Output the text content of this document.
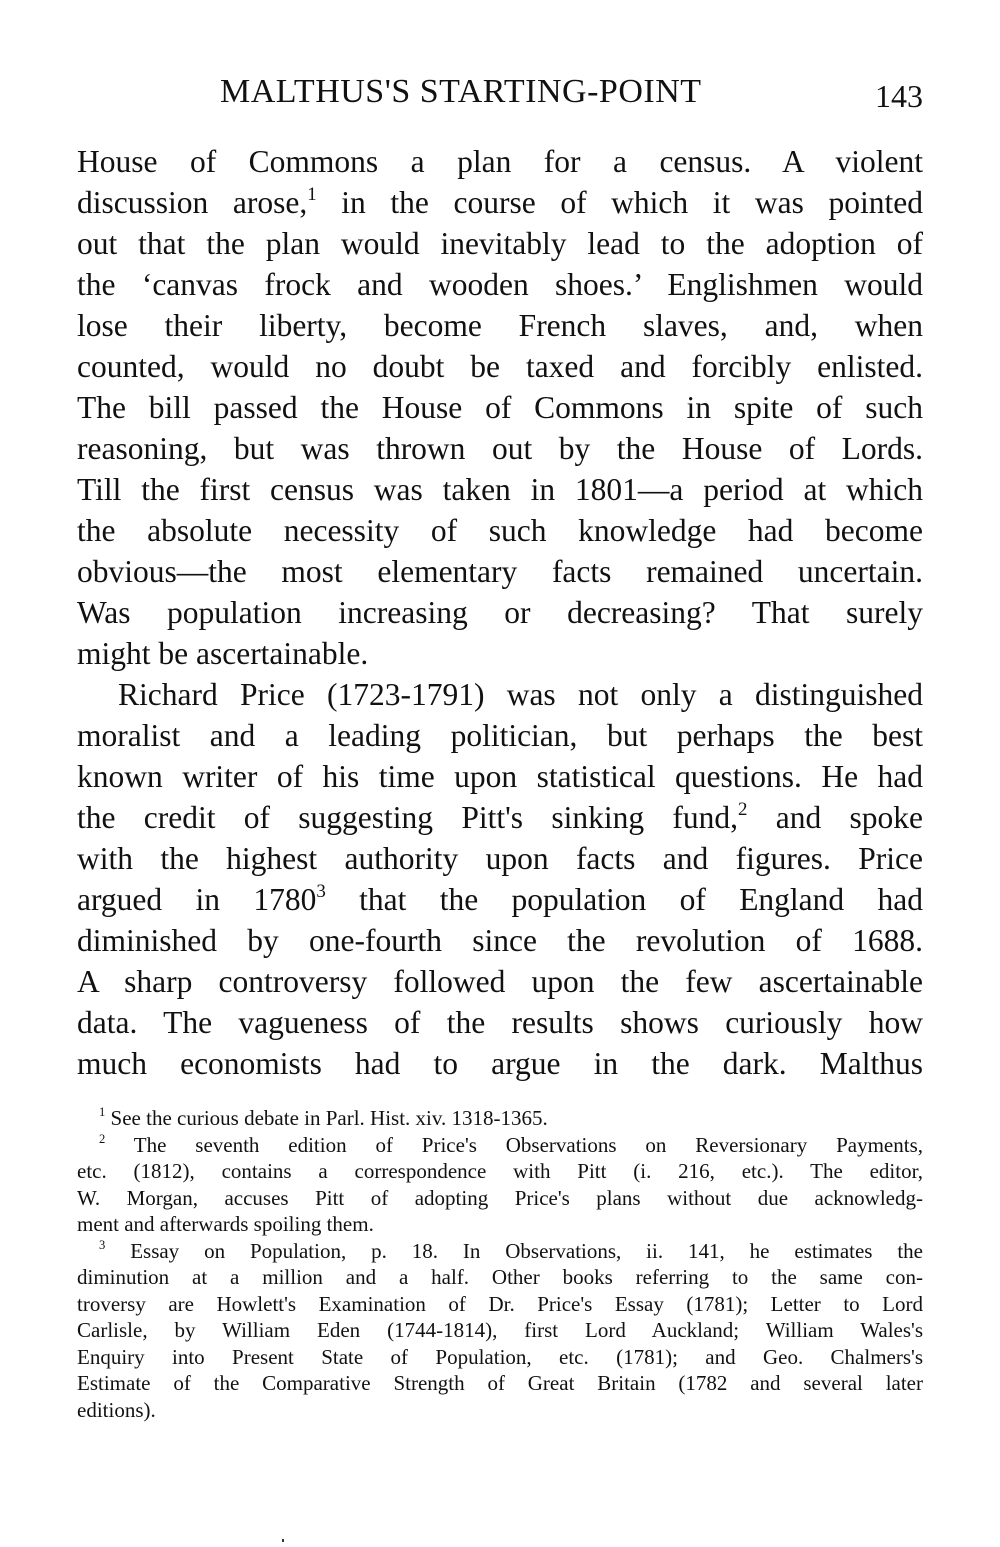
MALTHUS'S STARTING-POINT	143
House of Commons a plan for a census. A violent
discussion arose,$^1$ in the course of which it was pointed
out that the plan would inevitably lead to the adoption of
the ‘canvas frock and wooden shoes.’ Englishmen would
lose their liberty, become French slaves, and, when
counted, would no doubt be taxed and forcibly enlisted.
The bill passed the House of Commons in spite of such
reasoning, but was thrown out by the House of Lords.
Till the first census was taken in 1801—a period at which
the absolute necessity of such knowledge had become
obvious—the most elementary facts remained uncertain.
Was population increasing or decreasing? That surely
might be ascertainable.
Richard Price (1723-1791) was not only a distinguished
moralist and a leading politician, but perhaps the best
known writer of his time upon statistical questions. He had
the credit of suggesting Pitt's sinking fund,$^2$ and spoke
with the highest authority upon facts and figures. Price
argued in 1780$^3$ that the population of England had
diminished by one-fourth since the revolution of 1688.
A sharp controversy followed upon the few ascertainable
data. The vagueness of the results shows curiously how
much economists had to argue in the dark. Malthus
$^1$ See the curious debate in Parl. Hist. xiv. 1318-1365.
$^2$ The seventh edition of Price's Observations on Reversionary Payments,
etc. (1812), contains a correspondence with Pitt (i. 216, etc.). The editor,
W. Morgan, accuses Pitt of adopting Price's plans without due acknowledg-
ment and afterwards spoiling them.
$^3$ Essay on Population, p. 18. In Observations, ii. 141, he estimates the
diminution at a million and a half. Other books referring to the same con-
troversy are Howlett's Examination of Dr. Price's Essay (1781); Letter to Lord
Carlisle, by William Eden (1744-1814), first Lord Auckland; William Wales's
Enquiry into Present State of Population, etc. (1781); and Geo. Chalmers's
Estimate of the Comparative Strength of Great Britain (1782 and several later
editions).
